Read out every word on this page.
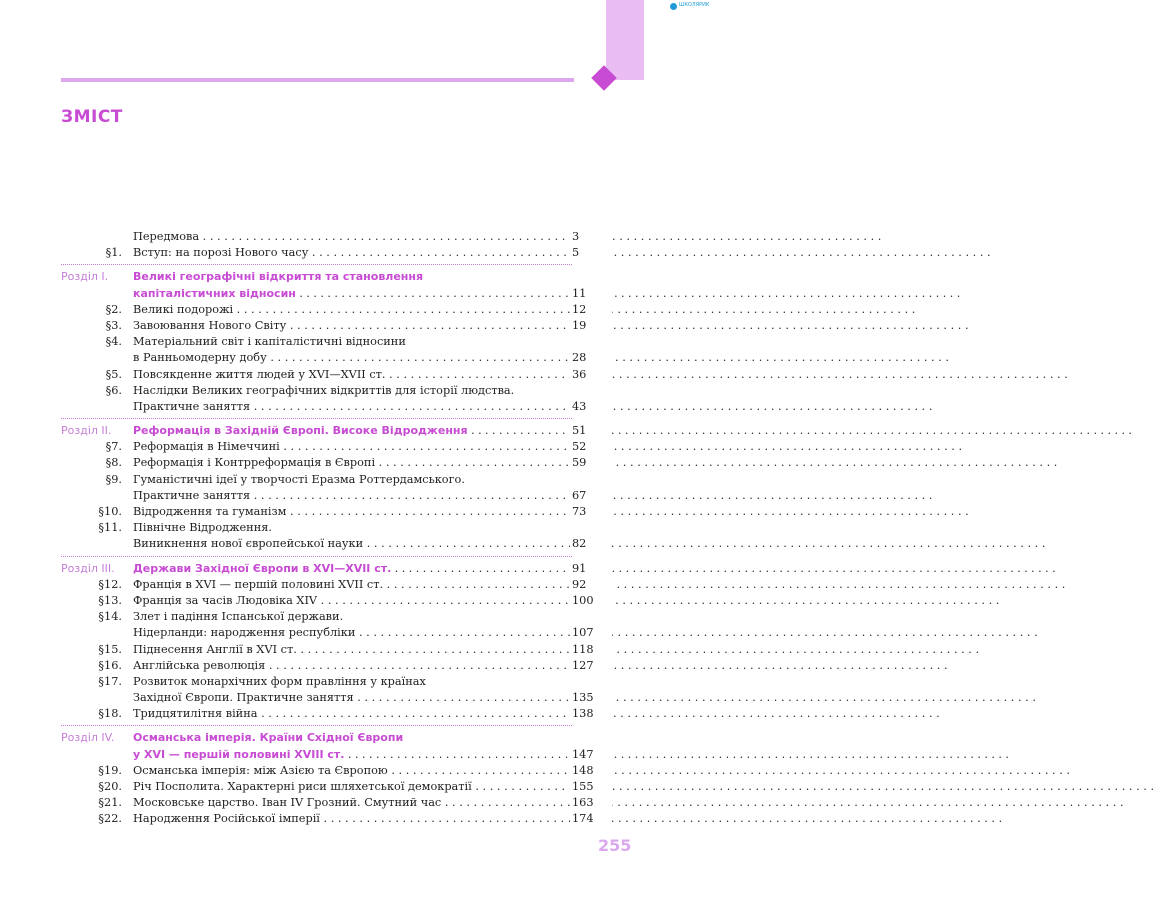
ШКОЛЯРИК
ЗМІСТ
Передмова . . .	3
§1. Вступ: на порозі Нового часу . . .	5
Розділ I. Великі географічні відкриття та становлення
капіталістичних відносин . . .	11
§2. Великі подорожі . . .	12
§3. Завоювання Нового Світу . . .	19
§4. Матеріальний світ і капіталістичні відносини
в Ранньомодерну добу . . .	28
§5. Повсякденне життя людей у XVI—XVII ст. . . .	36
§6. Наслідки Великих географічних відкриттів для історії людства.
Практичне заняття . . .	43
Розділ II. Реформація в Західній Європі. Високе Відродження . . .	51
§7. Реформація в Німеччині . . .	52
§8. Реформація і Контрреформація в Європі . . .	59
§9. Гуманістичні ідеї у творчості Еразма Роттердамського.
Практичне заняття . . .	67
§10. Відродження та гуманізм . . .	73
§11. Північне Відродження.
Виникнення нової європейської науки . . .	82
Розділ III. Держави Західної Європи в XVI—XVII ст. . . .	91
§12. Франція в XVI — першій половині XVII ст. . . .	92
§13. Франція за часів Людовіка XIV . . .	100
§14. Злет і падіння Іспанської держави.
Нідерланди: народження республіки . . .	107
§15. Піднесення Англії в XVI ст. . . .	118
§16. Англійська революція . . .	127
§17. Розвиток монархічних форм правління у країнах
Західної Європи. Практичне заняття . . .	135
§18. Тридцятилітня війна . . .	138
Розділ IV. Османська імперія. Країни Східної Європи
у XVI — першій половині XVIII ст. . . .	147
§19. Османська імперія: між Азією та Європою . . .	148
§20. Річ Посполита. Характерні риси шляхетської демократії . . .	155
§21. Московське царство. Іван IV Грозний. Смутний час . . .	163
§22. Народження Російської імперії . . .	174
255
